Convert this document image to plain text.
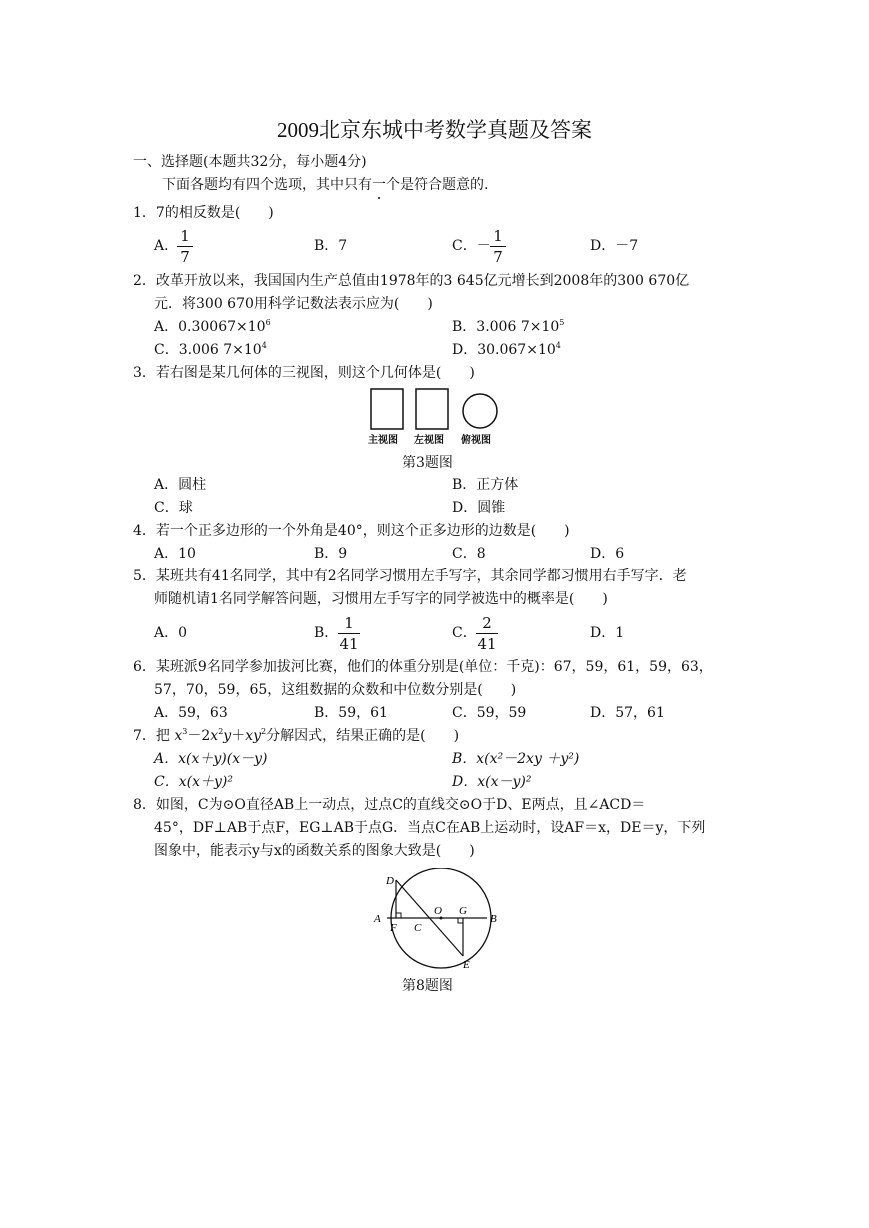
2009北京东城中考数学真题及答案
一、选择题(本题共32分，每小题4分)
下面各题均有四个选项，其中只有一个是符合题意的.
1．7的相反数是(　　)
A．
1
7
B．7	C．－
1
7
D．－7
2．改革开放以来，我国国内生产总值由1978年的3 645亿元增长到2008年的300 670亿
元．将300 670用科学记数法表示应为(　　)
A．$0.30067\times 10^6$	B．3.006 $7\times 10^5$
C．3.006 $7\times 10^4$	D．$30.067\times 10^4$
3．若右图是某几何体的三视图，则这个几何体是(　　)
主视图 左视图 俯视图
第3题图
A．圆柱	B．正方体
C．球	D．圆锥
4．若一个正多边形的一个外角是40°，则这个正多边形的边数是(　　)
A．10	B．9	C．8	D．6
5．某班共有41名同学，其中有2名同学习惯用左手写字，其余同学都习惯用右手写字．老
师随机请1名同学解答问题，习惯用左手写字的同学被选中的概率是(　　)
A．0	B．
1
41
C．
2
41
D．1
6．某班派9名同学参加拔河比赛，他们的体重分别是(单位：千克)：67，59，61，59，63，
57，70，59，65，这组数据的众数和中位数分别是(　　)
A．59，63	B．59，61	C．59，59	D．57，61
7．把 $x^3-2x^2y+xy^2$分解因式，结果正确的是(　　)
A．x(x＋y)(x－y)	B．x(x²－2xy ＋y²)
C．x(x＋y)²	D．x(x－y)²
8．如图，C为⊙O直径AB上一动点，过点C的直线交⊙O于D、E两点，且∠ACD＝
45°，DF⊥AB于点F，EG⊥AB于点G．当点C在AB上运动时，设AF＝x，DE＝y，下列
图象中，能表示y与x的函数关系的图象大致是(　　)
D
A
F C
O G
B
E
第8题图
